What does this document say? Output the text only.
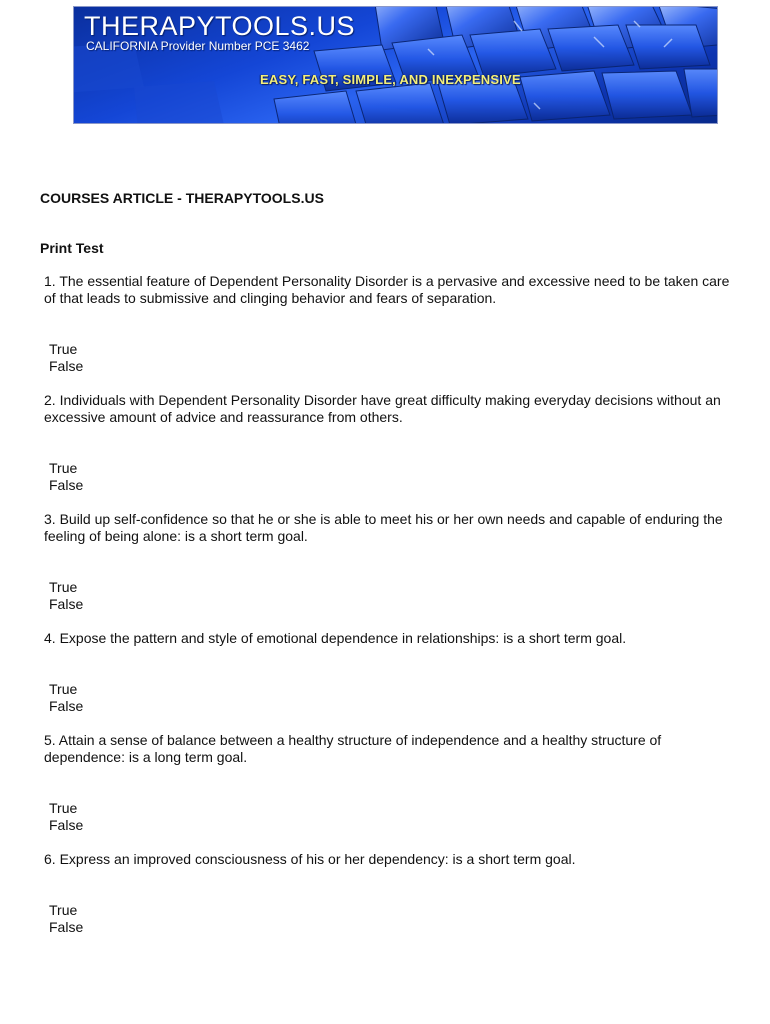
THERAPYTOOLS.US
CALIFORNIA Provider Number PCE 3462
EASY, FAST, SIMPLE, AND INEXPENSIVE
COURSES ARTICLE - THERAPYTOOLS.US
Print Test

1. The essential feature of Dependent Personality Disorder is a pervasive and excessive need to be taken care of that leads to submissive and clinging behavior and fears of separation.

True
False

2. Individuals with Dependent Personality Disorder have great difficulty making everyday decisions without an excessive amount of advice and reassurance from others.

True
False

3. Build up self-confidence so that he or she is able to meet his or her own needs and capable of enduring the feeling of being alone: is a short term goal.

True
False

4. Expose the pattern and style of emotional dependence in relationships: is a short term goal.

True
False

5. Attain a sense of balance between a healthy structure of independence and a healthy structure of dependence: is a long term goal.

True
False

6. Express an improved consciousness of his or her dependency: is a short term goal.

True
False
